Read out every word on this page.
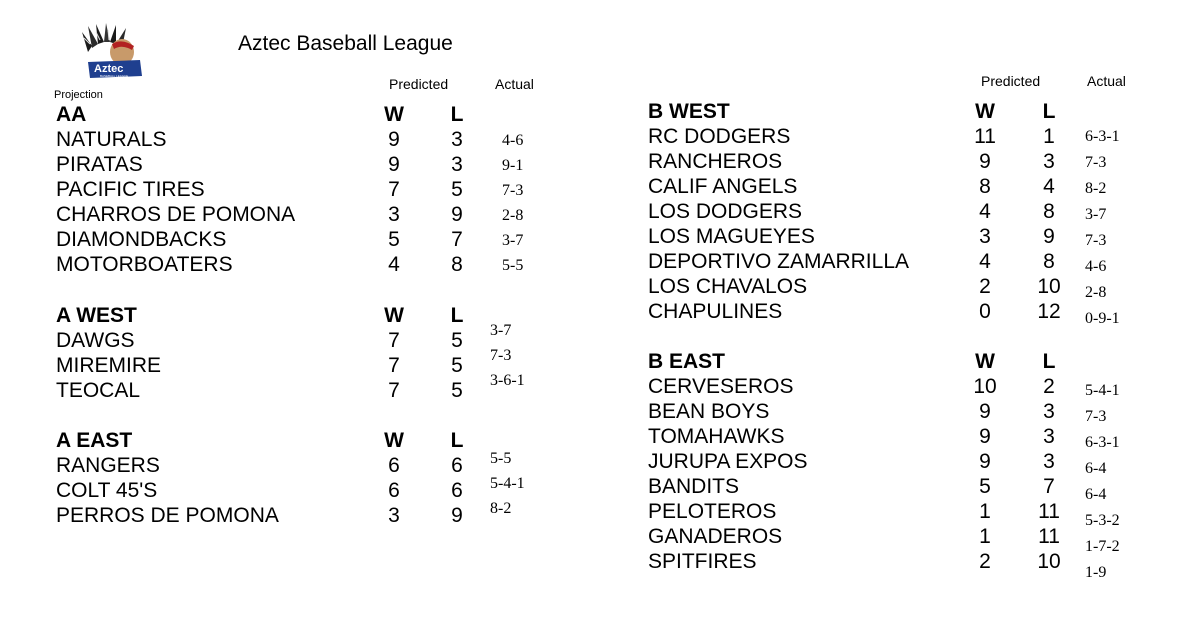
Aztec
BASEBALL LEAGUE
Aztec Baseball League
Projection
Predicted	Actual	Predicted	Actual
AA	W L
NATURALS	9	3	4-6
PIRATAS	9	3	9-1
PACIFIC TIRES	7	5	7-3
CHARROS DE POMONA	3	9	2-8
DIAMONDBACKS	5	7	3-7
MOTORBOATERS	4	8	5-5
A WEST	W L
DAWGS	7	5	3-7
MIREMIRE	7	5	7-3
TEOCAL	7	5	3-6-1
A EAST	W L
RANGERS	6	6	5-5
COLT 45'S	6	6	5-4-1
PERROS DE POMONA	3	9	8-2
B WEST	W L
RC DODGERS	11	1	6-3-1
RANCHEROS	9	3	7-3
CALIF ANGELS	8	4	8-2
LOS DODGERS	4	8	3-7
LOS MAGUEYES	3	9	7-3
DEPORTIVO ZAMARRILLA	4	8	4-6
LOS CHAVALOS	2	10 2-8
CHAPULINES	0	12 0-9-1
B EAST	W L
CERVESEROS	10	2	5-4-1
BEAN BOYS	9	3	7-3
TOMAHAWKS	9	3	6-3-1
JURUPA EXPOS	9	3	6-4
BANDITS	5	7	6-4
PELOTEROS	1	11 5-3-2
GANADEROS	1	11 1-7-2
SPITFIRES	2	10 1-9
